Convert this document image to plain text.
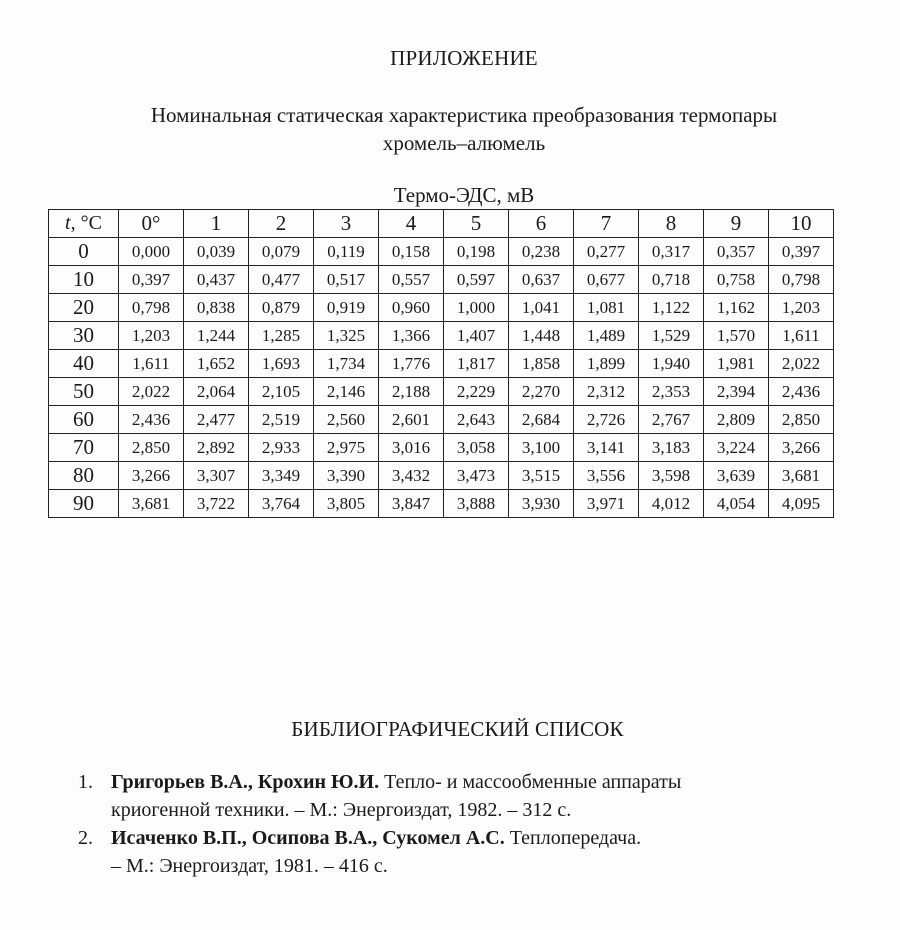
ПРИЛОЖЕНИЕ
Номинальная статическая характеристика преобразования термопары
хромель–алюмель
Термо-ЭДС, мВ
t, °С	0°	1	2	3	4	5	6	7	8	9	10
0	0,000	0,039	0,079	0,119	0,158	0,198	0,238	0,277	0,317	0,357	0,397
10	0,397	0,437	0,477	0,517	0,557	0,597	0,637	0,677	0,718	0,758	0,798
20	0,798	0,838	0,879	0,919	0,960	1,000	1,041	1,081	1,122	1,162	1,203
30	1,203	1,244	1,285	1,325	1,366	1,407	1,448	1,489	1,529	1,570	1,611
40	1,611	1,652	1,693	1,734	1,776	1,817	1,858	1,899	1,940	1,981	2,022
50	2,022	2,064	2,105	2,146	2,188	2,229	2,270	2,312	2,353	2,394	2,436
60	2,436	2,477	2,519	2,560	2,601	2,643	2,684	2,726	2,767	2,809	2,850
70	2,850	2,892	2,933	2,975	3,016	3,058	3,100	3,141	3,183	3,224	3,266
80	3,266	3,307	3,349	3,390	3,432	3,473	3,515	3,556	3,598	3,639	3,681
90	3,681	3,722	3,764	3,805	3,847	3,888	3,930	3,971	4,012	4,054	4,095
БИБЛИОГРАФИЧЕСКИЙ СПИСОК
1. Григорьев В.А., Крохин Ю.И. Тепло- и массообменные аппараты
криогенной техники. – М.: Энергоиздат, 1982. – 312 с.
2. Исаченко В.П., Осипова В.А., Сукомел А.С. Теплопередача.
– М.: Энергоиздат, 1981. – 416 с.
